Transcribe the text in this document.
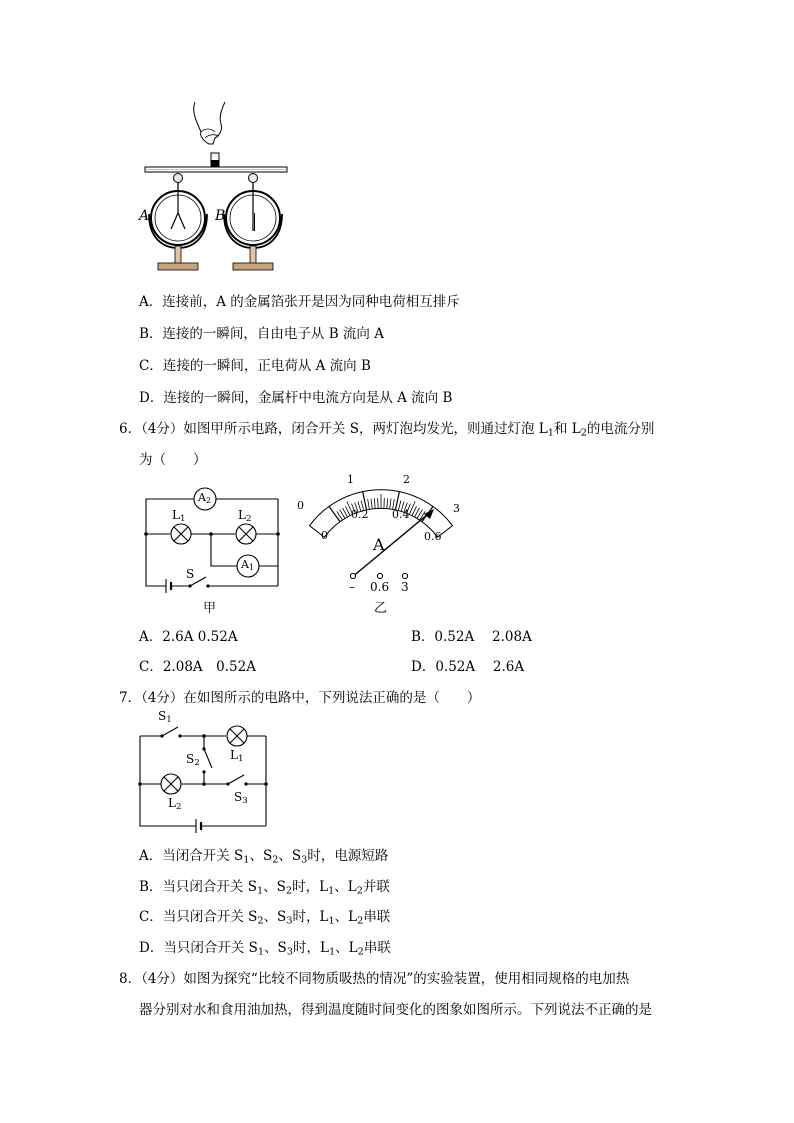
A	B
A．连接前，A 的金属箔张开是因为同种电荷相互排斥
B．连接的一瞬间，自由电子从 B 流向 A
C．连接的一瞬间，正电荷从 A 流向 B
D．连接的一瞬间，金属杆中电流方向是从 A 流向 B
6．（4分）如图甲所示电路，闭合开关 S，两灯泡均发光，则通过灯泡 $L_1$和 $L_2$的电流分别
为（　　）
$A_2$
$A_1$
$L_1$	$L_2$
S
甲
0
1	2
3
0
0.2 0.4
0.6
A
– 0.6 3
乙
A．2.6A 0.52A	B．0.52A　 2.08A
C．2.08A　0.52A	D．0.52A　 2.6A
7．（4分）在如图所示的电路中，下列说法正确的是（　　）
$S_1$
$S_2$
$S_3$
$L_1$
$L_2$
A．当闭合开关 $S_1$、$S_2$、$S_3$时，电源短路
B．当只闭合开关 $S_1$、$S_2$时，$L_1$、$L_2$并联
C．当只闭合开关 $S_2$、$S_3$时，$L_1$、$L_2$串联
D．当只闭合开关 $S_1$、$S_3$时，$L_1$、$L_2$串联
8．（4分）如图为探究“比较不同物质吸热的情况”的实验装置，使用相同规格的电加热
器分别对水和食用油加热，得到温度随时间变化的图象如图所示。下列说法不正确的是
